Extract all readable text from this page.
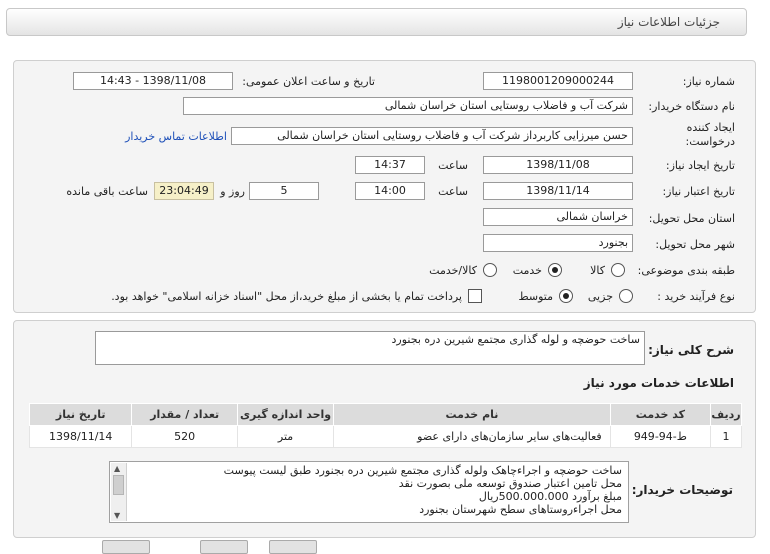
جزئیات اطلاعات نیاز
شماره نیاز:
1198001209000244
تاریخ و ساعت اعلان عمومی:
1398/11/08 - 14:43
نام دستگاه خریدار:
شرکت آب و فاضلاب روستایی استان خراسان شمالی
ایجاد کننده درخواست:
حسن میرزایی کاربرداز شرکت آب و فاضلاب روستایی استان خراسان شمالی
اطلاعات تماس خریدار
تاریخ ایجاد نیاز:
1398/11/08
ساعت
14:37
تاریخ اعتبار نیاز:
1398/11/14
ساعت
14:00
5
روز و
23:04:49
ساعت باقی مانده
استان محل تحویل:
خراسان شمالی
شهر محل تحویل:
بجنورد
طبقه بندی موضوعی:
کالا
خدمت
کالا/خدمت
نوع فرآیند خرید :
جزیی
متوسط
پرداخت تمام یا بخشی از مبلغ خرید،از محل "اسناد خزانه اسلامی" خواهد بود.
شرح کلی نیاز:
ساخت حوضچه و لوله گذاری مجتمع شیرین دره بجنورد
اطلاعات خدمات مورد نیاز
ردیف	کد خدمت	نام خدمت	واحد اندازه گیری	تعداد / مقدار	تاریخ نیاز
1	ط-94-949	فعالیت‌های سایر سازمان‌های دارای عضو	متر	520	1398/11/14
توضیحات خریدار:
ساخت حوضچه و اجراءچاهک ولوله گذاری مجتمع شیرین دره بجنورد طبق لیست پیوست
محل تامین اعتبار صندوق توسعه ملی بصورت نقد
مبلغ برآورد 500.000.000ریال
محل اجراءروستاهای سطح شهرستان بجنورد
▲
▼
